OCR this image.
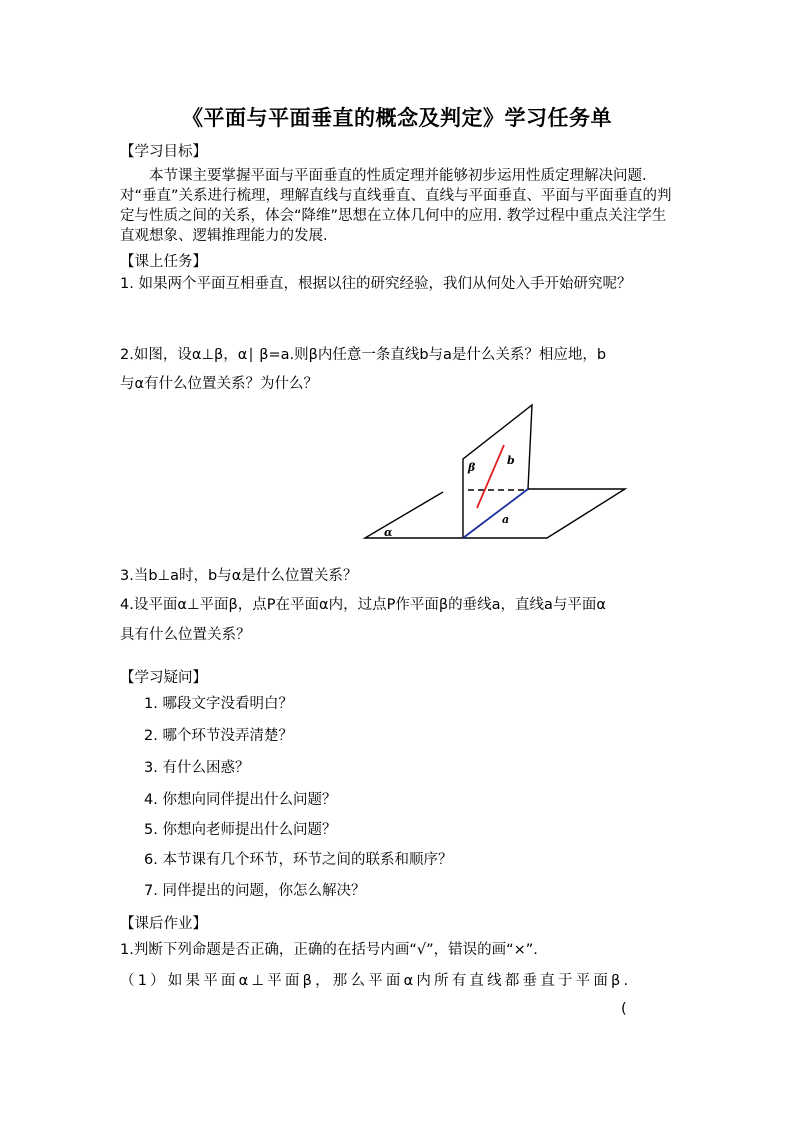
《平面与平面垂直的概念及判定》学习任务单
【学习目标】
本节课主要掌握平面与平面垂直的性质定理并能够初步运用性质定理解决问题. 对“垂直”关系进行梳理，理解直线与直线垂直、直线与平面垂直、平面与平面垂直的判定与性质之间的关系，体会“降维”思想在立体几何中的应用. 教学过程中重点关注学生直观想象、逻辑推理能力的发展.
【课上任务】
1. 如果两个平面互相垂直，根据以往的研究经验，我们从何处入手开始研究呢？
2.如图，设α⊥β，α∣ β=a.则β内任意一条直线b与a是什么关系？相应地，b
与α有什么位置关系？为什么？
β
b
a
α
3.当b⊥a时，b与α是什么位置关系？
4.设平面α⊥平面β，点P在平面α内，过点P作平面β的垂线a，直线a与平面α
具有什么位置关系？
【学习疑问】
1. 哪段文字没看明白？
2. 哪个环节没弄清楚？
3. 有什么困惑？
4. 你想向同伴提出什么问题？
5. 你想向老师提出什么问题？
6. 本节课有几个环节，环节之间的联系和顺序？
7. 同伴提出的问题，你怎么解决？
【课后作业】
1.判断下列命题是否正确，正确的在括号内画“√”，错误的画“×”.
（1）如果平面α⊥平面β，那么平面α内所有直线都垂直于平面β.
(
